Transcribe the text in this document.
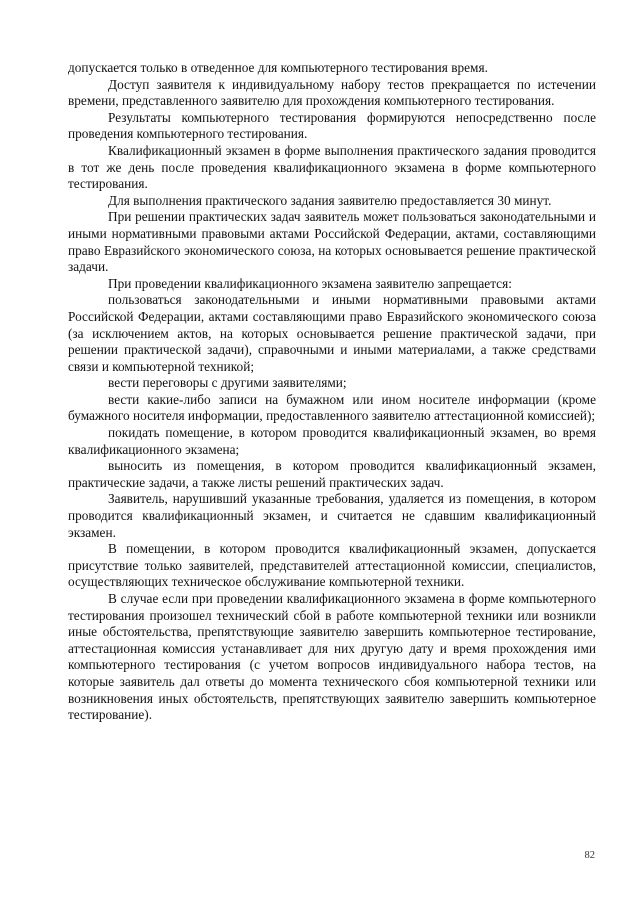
допускается только в отведенное для компьютерного тестирования время.

Доступ заявителя к индивидуальному набору тестов прекращается по истечении времени, представленного заявителю для прохождения компьютерного тестирования.

Результаты компьютерного тестирования формируются непосредственно после проведения компьютерного тестирования.

Квалификационный экзамен в форме выполнения практического задания проводится в тот же день после проведения квалификационного экзамена в форме компьютерного тестирования.

Для выполнения практического задания заявителю предоставляется 30 минут.

При решении практических задач заявитель может пользоваться законодательными и иными нормативными правовыми актами Российской Федерации, актами, составляющими право Евразийского экономического союза, на которых основывается решение практической задачи.

При проведении квалификационного экзамена заявителю запрещается:

пользоваться законодательными и иными нормативными правовыми актами Российской Федерации, актами составляющими право Евразийского экономического союза (за исключением актов, на которых основывается решение практической задачи, при решении практической задачи), справочными и иными материалами, а также средствами связи и компьютерной техникой;

вести переговоры с другими заявителями;

вести какие-либо записи на бумажном или ином носителе информации (кроме бумажного носителя информации, предоставленного заявителю аттестационной комиссией);

покидать помещение, в котором проводится квалификационный экзамен, во время квалификационного экзамена;

выносить из помещения, в котором проводится квалификационный экзамен, практические задачи, а также листы решений практических задач.

Заявитель, нарушивший указанные требования, удаляется из помещения, в котором проводится квалификационный экзамен, и считается не сдавшим квалификационный экзамен.

В помещении, в котором проводится квалификационный экзамен, допускается присутствие только заявителей, представителей аттестационной комиссии, специалистов, осуществляющих техническое обслуживание компьютерной техники.

В случае если при проведении квалификационного экзамена в форме компьютерного тестирования произошел технический сбой в работе компьютерной техники или возникли иные обстоятельства, препятствующие заявителю завершить компьютерное тестирование, аттестационная комиссия устанавливает для них другую дату и время прохождения ими компьютерного тестирования (с учетом вопросов индивидуального набора тестов, на которые заявитель дал ответы до момента технического сбоя компьютерной техники или возникновения иных обстоятельств, препятствующих заявителю завершить компьютерное тестирование).

82
